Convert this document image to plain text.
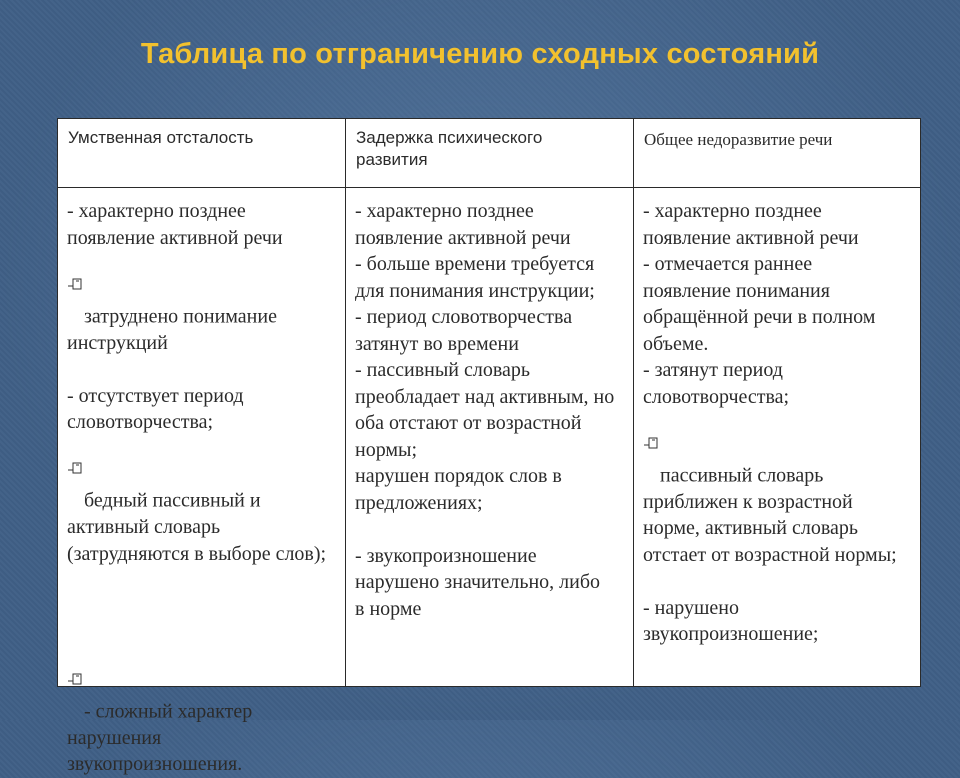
Таблица по отграничению сходных состояний
Умственная отсталость	Задержка психического развития
Общее недоразвитие речи
- характерно позднее появление активной речи

затруднено понимание инструкций

- отсутствует период словотворчества;

бедный пассивный и активный словарь (затрудняются в выборе слов);

- сложный характер нарушения звукопроизношения.

- характерно позднее появление активной речи
- больше времени требуется для понимания инструкции;
- период словотворчества затянут во времени
- пассивный словарь преобладает над активным, но оба отстают от возрастной нормы;
нарушен порядок слов в предложениях;
- звукопроизношение нарушено значительно, либо в норме
- характерно позднее появление активной речи
- отмечается раннее появление понимания обращённой речи в полном объеме.
- затянут период словотворчества;

пассивный словарь приближен к возрастной норме, активный словарь отстает от возрастной нормы;

- нарушено звукопроизношение;
